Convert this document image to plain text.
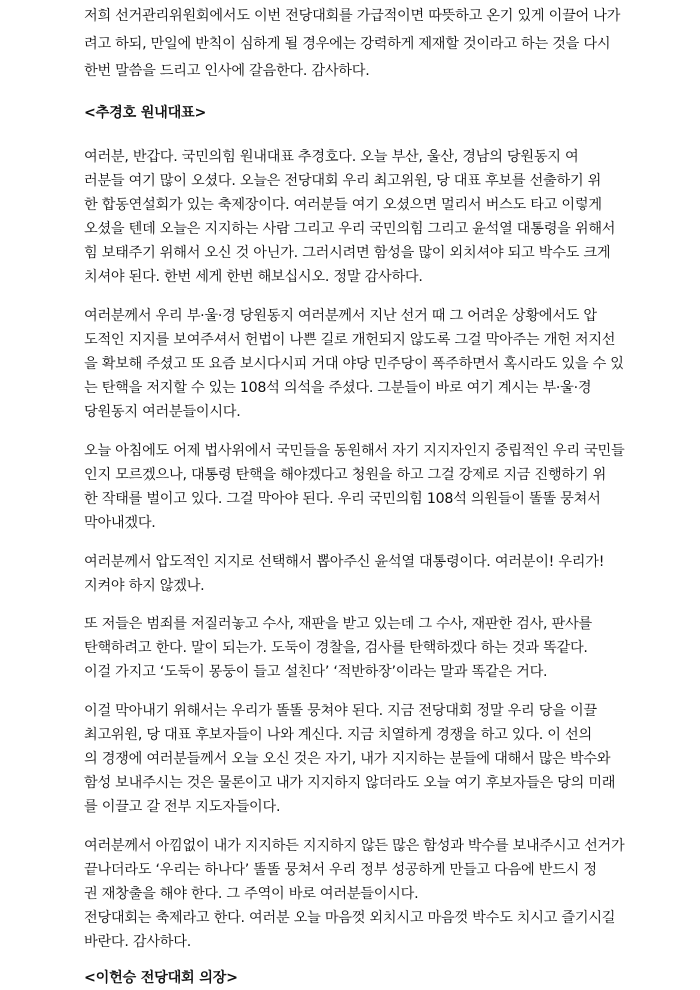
저희 선거관리위원회에서도 이번 전당대회를 가급적이면 따뜻하고 온기 있게 이끌어 나가
려고 하되, 만일에 반칙이 심하게 될 경우에는 강력하게 제재할 것이라고 하는 것을 다시
한번 말씀을 드리고 인사에 갈음한다. 감사하다.
<추경호 원내대표>
여러분, 반갑다. 국민의힘 원내대표 추경호다. 오늘 부산, 울산, 경남의 당원동지 여
러분들 여기 많이 오셨다. 오늘은 전당대회 우리 최고위원, 당 대표 후보를 선출하기 위
한 합동연설회가 있는 축제장이다. 여러분들 여기 오셨으면 멀리서 버스도 타고 이렇게
오셨을 텐데 오늘은 지지하는 사람 그리고 우리 국민의힘 그리고 윤석열 대통령을 위해서
힘 보태주기 위해서 오신 것 아닌가. 그러시려면 함성을 많이 외치셔야 되고 박수도 크게
치셔야 된다. 한번 세게 한번 해보십시오. 정말 감사하다.
여러분께서 우리 부·울·경 당원동지 여러분께서 지난 선거 때 그 어려운 상황에서도 압
도적인 지지를 보여주셔서 헌법이 나쁜 길로 개헌되지 않도록 그걸 막아주는 개헌 저지선
을 확보해 주셨고 또 요즘 보시다시피 거대 야당 민주당이 폭주하면서 혹시라도 있을 수 있
는 탄핵을 저지할 수 있는 108석 의석을 주셨다. 그분들이 바로 여기 계시는 부·울·경
당원동지 여러분들이시다.
오늘 아침에도 어제 법사위에서 국민들을 동원해서 자기 지지자인지 중립적인 우리 국민들
인지 모르겠으나, 대통령 탄핵을 해야겠다고 청원을 하고 그걸 강제로 지금 진행하기 위
한 작태를 벌이고 있다. 그걸 막아야 된다. 우리 국민의힘 108석 의원들이 똘똘 뭉쳐서
막아내겠다.
여러분께서 압도적인 지지로 선택해서 뽑아주신 윤석열 대통령이다. 여러분이! 우리가!
지켜야 하지 않겠나.
또 저들은 범죄를 저질러놓고 수사, 재판을 받고 있는데 그 수사, 재판한 검사, 판사를
탄핵하려고 한다. 말이 되는가. 도둑이 경찰을, 검사를 탄핵하겠다 하는 것과 똑같다.
이걸 가지고 ‘도둑이 몽둥이 들고 설친다’ ‘적반하장’이라는 말과 똑같은 거다.
이걸 막아내기 위해서는 우리가 똘똘 뭉쳐야 된다. 지금 전당대회 정말 우리 당을 이끌
최고위원, 당 대표 후보자들이 나와 계신다. 지금 치열하게 경쟁을 하고 있다. 이 선의
의 경쟁에 여러분들께서 오늘 오신 것은 자기, 내가 지지하는 분들에 대해서 많은 박수와
함성 보내주시는 것은 물론이고 내가 지지하지 않더라도 오늘 여기 후보자들은 당의 미래
를 이끌고 갈 전부 지도자들이다.
여러분께서 아낌없이 내가 지지하든 지지하지 않든 많은 함성과 박수를 보내주시고 선거가
끝나더라도 ‘우리는 하나다’ 똘똘 뭉쳐서 우리 정부 성공하게 만들고 다음에 반드시 정
권 재창출을 해야 한다. 그 주역이 바로 여러분들이시다.
전당대회는 축제라고 한다. 여러분 오늘 마음껏 외치시고 마음껏 박수도 치시고 즐기시길
바란다. 감사하다.
<이헌승 전당대회 의장>
